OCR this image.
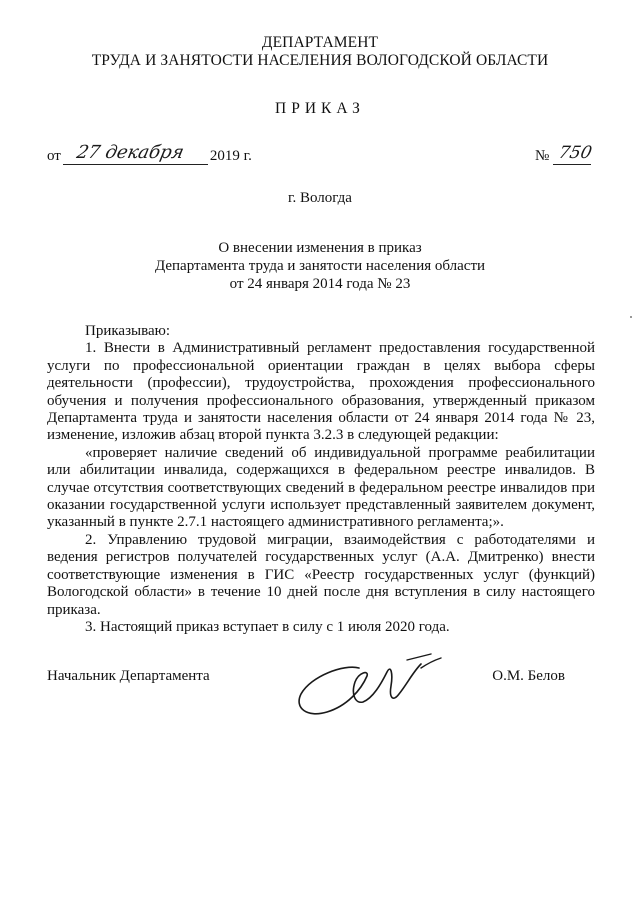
ДЕПАРТАМЕНТ
ТРУДА И ЗАНЯТОСТИ НАСЕЛЕНИЯ ВОЛОГОДСКОЙ ОБЛАСТИ
ПРИКАЗ
от 27 декабря 2019 г.	№ 750
г. Вологда
О внесении изменения в приказ
Департамента труда и занятости населения области
от 24 января 2014 года № 23

Приказываю:

1. Внести в Административный регламент предоставления государственной услуги по профессиональной ориентации граждан в целях выбора сферы деятельности (профессии), трудоустройства, прохождения профессионального обучения и получения профессионального образования, утвержденный приказом Департамента труда и занятости населения области от 24 января 2014 года № 23, изменение, изложив абзац второй пункта 3.2.3 в следующей редакции:

«проверяет наличие сведений об индивидуальной программе реабилитации или абилитации инвалида, содержащихся в федеральном реестре инвалидов. В случае отсутствия соответствующих сведений в федеральном реестре инвалидов при оказании государственной услуги использует представленный заявителем документ, указанный в пункте 2.7.1 настоящего административного регламента;».

2. Управлению трудовой миграции, взаимодействия с работодателями и ведения регистров получателей государственных услуг (А.А. Дмитренко) внести соответствующие изменения в ГИС «Реестр государственных услуг (функций) Вологодской области» в течение 10 дней после дня вступления в силу настоящего приказа.

3. Настоящий приказ вступает в силу с 1 июля 2020 года.

Начальник Департамента	О.М. Белов
